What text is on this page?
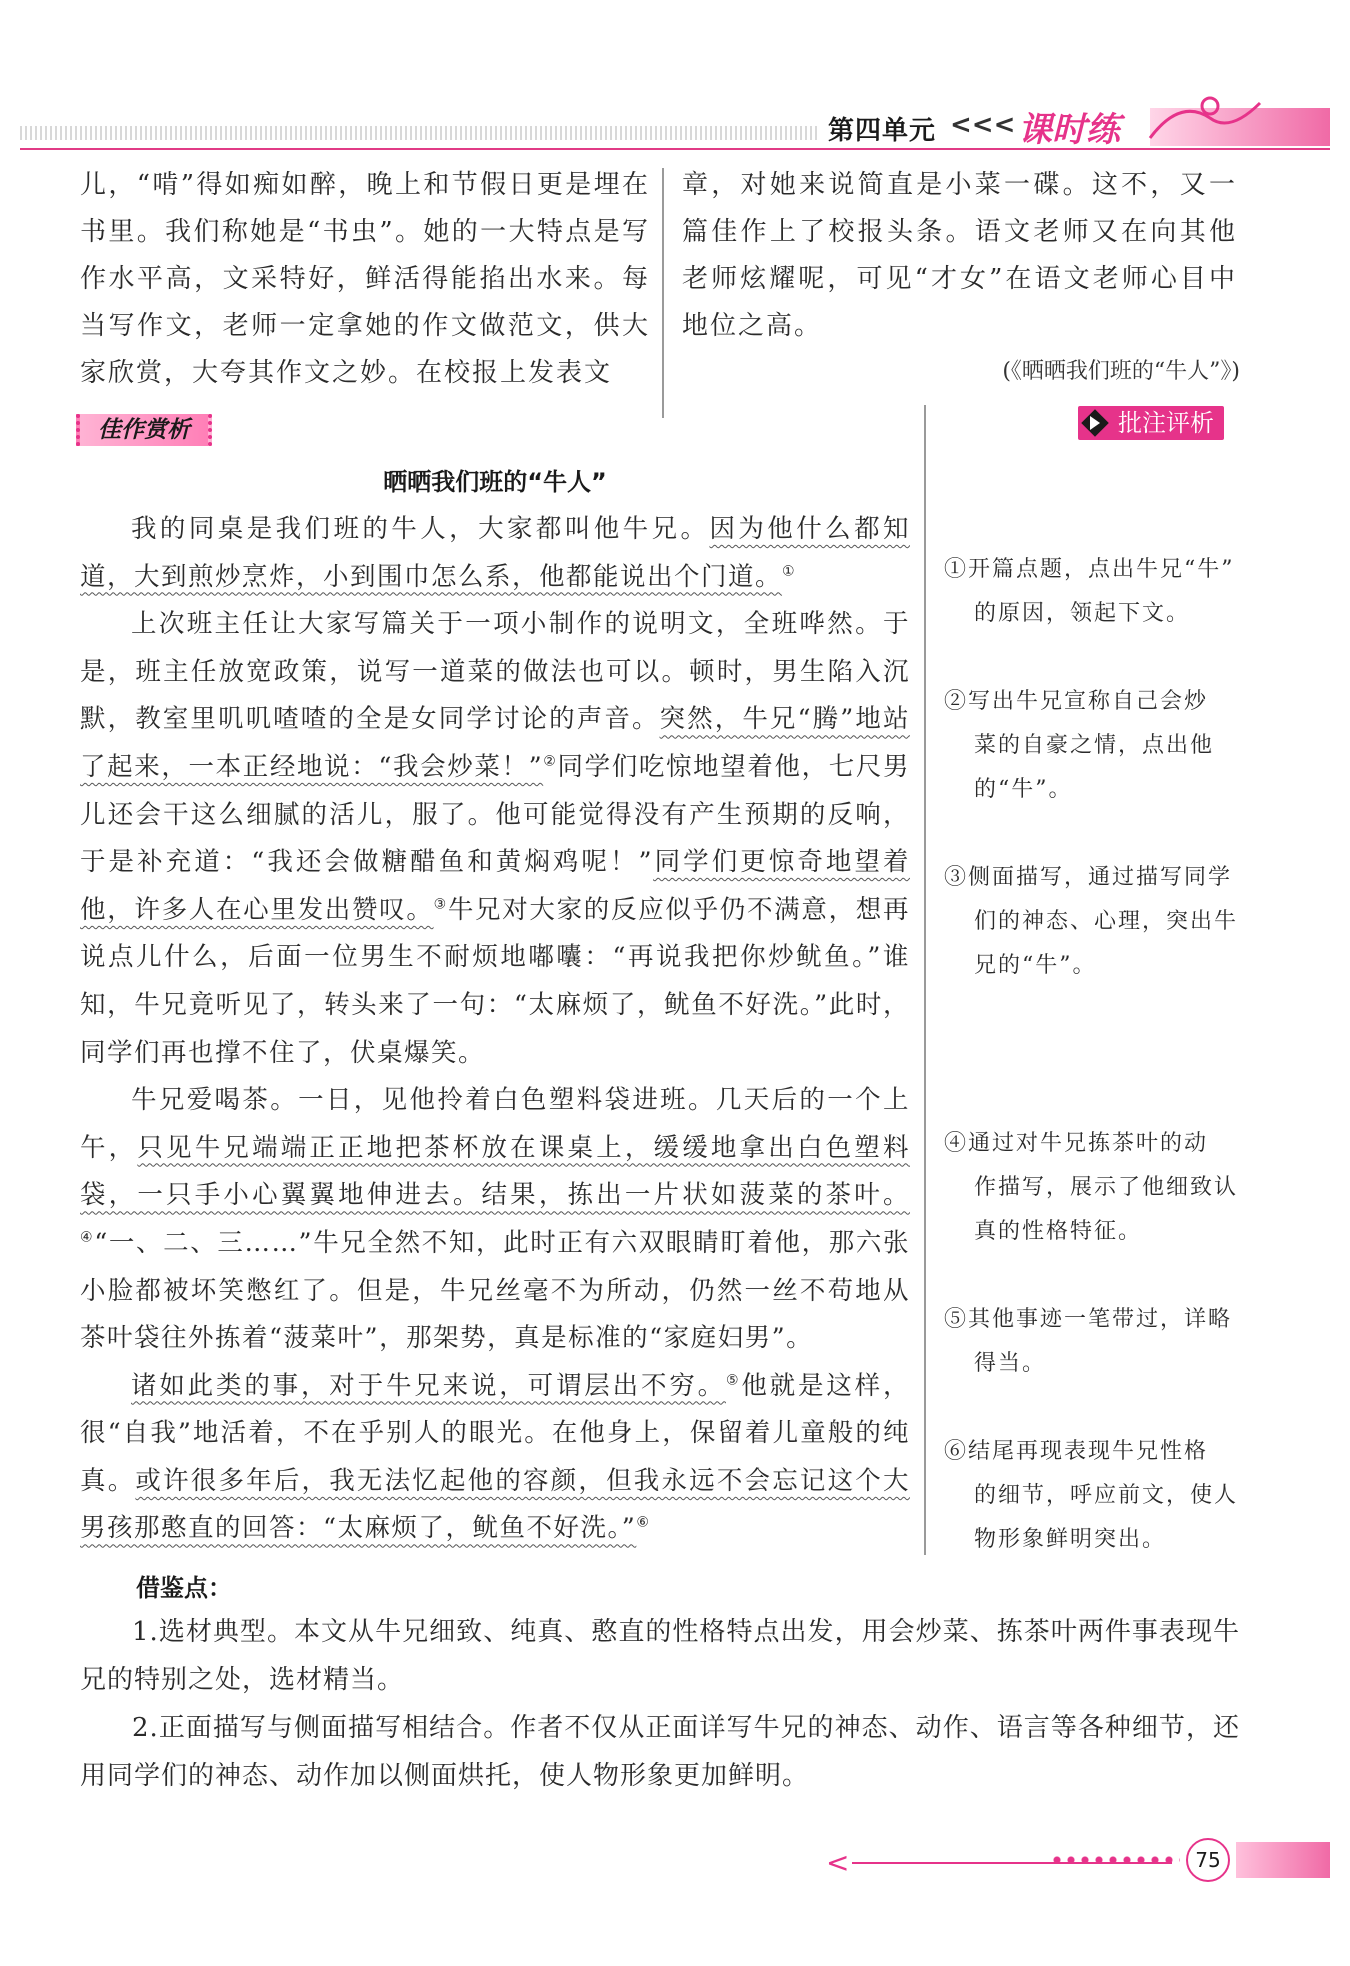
第四单元 <<< 课时练
儿，“啃”得如痴如醉，晚上和节假日更是埋在书里。我们称她是“书虫”。她的一大特点是写作水平高，文采特好，鲜活得能掐出水来。每当写作文，老师一定拿她的作文做范文，供大家欣赏，大夸其作文之妙。在校报上发表文
章，对她来说简直是小菜一碟。这不，又一篇佳作上了校报头条。语文老师又在向其他老师炫耀呢，可见“才女”在语文老师心目中地位之高。
(《晒晒我们班的“牛人”》)
佳作赏析	批注评析
晒晒我们班的“牛人”

我的同桌是我们班的牛人，大家都叫他牛兄。因为他什么都知道，大到煎炒烹炸，小到围巾怎么系，他都能说出个门道。①

上次班主任让大家写篇关于一项小制作的说明文，全班哗然。于是，班主任放宽政策，说写一道菜的做法也可以。顿时，男生陷入沉默，教室里叽叽喳喳的全是女同学讨论的声音。突然，牛兄“腾”地站了起来，一本正经地说：“我会炒菜！”②同学们吃惊地望着他，七尺男儿还会干这么细腻的活儿，服了。他可能觉得没有产生预期的反响，于是补充道：“我还会做糖醋鱼和黄焖鸡呢！”同学们更惊奇地望着他，许多人在心里发出赞叹。③牛兄对大家的反应似乎仍不满意，想再说点儿什么，后面一位男生不耐烦地嘟囔：“再说我把你炒鱿鱼。”谁知，牛兄竟听见了，转头来了一句：“太麻烦了，鱿鱼不好洗。”此时，同学们再也撑不住了，伏桌爆笑。

牛兄爱喝茶。一日，见他拎着白色塑料袋进班。几天后的一个上午，只见牛兄端端正正地把茶杯放在课桌上，缓缓地拿出白色塑料袋，一只手小心翼翼地伸进去。结果，拣出一片状如菠菜的茶叶。④“一、二、三……”牛兄全然不知，此时正有六双眼睛盯着他，那六张小脸都被坏笑憋红了。但是，牛兄丝毫不为所动，仍然一丝不苟地从茶叶袋往外拣着“菠菜叶”，那架势，真是标准的“家庭妇男”。

诸如此类的事，对于牛兄来说，可谓层出不穷。⑤他就是这样，很“自我”地活着，不在乎别人的眼光。在他身上，保留着儿童般的纯真。或许很多年后，我无法忆起他的容颜，但我永远不会忘记这个大男孩那憨直的回答：“太麻烦了，鱿鱼不好洗。”⑥

①开篇点题，点出牛兄“牛”
的原因，领起下文。
②写出牛兄宣称自己会炒
菜的自豪之情，点出他的“牛”。
③侧面描写，通过描写同学
们的神态、心理，突出牛兄的“牛”。
④通过对牛兄拣茶叶的动
作描写，展示了他细致认真的性格特征。
⑤其他事迹一笔带过，详略
得当。
⑥结尾再现表现牛兄性格
的细节，呼应前文，使人物形象鲜明突出。
借鉴点：

1.选材典型。本文从牛兄细致、纯真、憨直的性格特点出发，用会炒菜、拣茶叶两件事表现牛兄的特别之处，选材精当。

2.正面描写与侧面描写相结合。作者不仅从正面详写牛兄的神态、动作、语言等各种细节，还用同学们的神态、动作加以侧面烘托，使人物形象更加鲜明。

<	75
